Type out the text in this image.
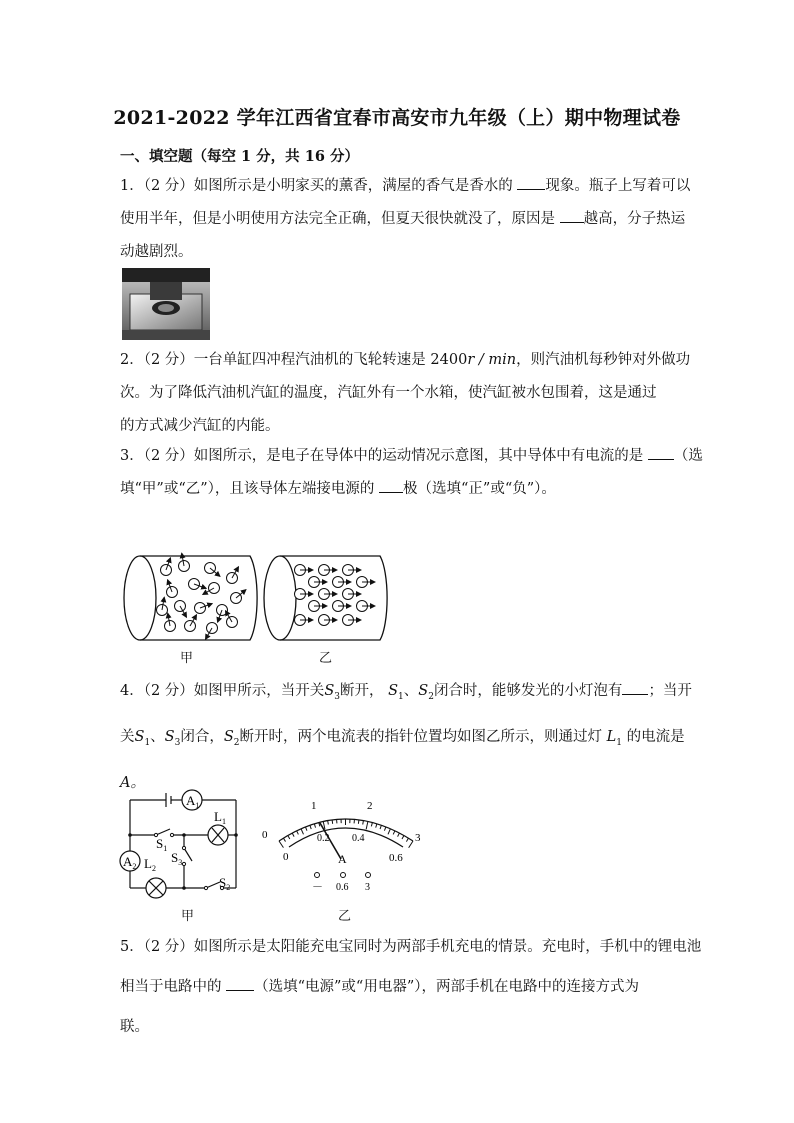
2021-2022 学年江西省宜春市高安市九年级（上）期中物理试卷
一、填空题（每空 1 分，共 16 分）
1．（2 分）如图所示是小明家买的薰香，满屋的香气是香水的 现象。瓶子上写着可以
使用半年，但是小明使用方法完全正确，但夏天很快就没了，原因是 越高，分子热运
动越剧烈。
2．（2 分）一台单缸四冲程汽油机的飞轮转速是 2400r / min，则汽油机每秒钟对外做功
次。为了降低汽油机汽缸的温度，汽缸外有一个水箱，使汽缸被水包围着，这是通过
的方式减少汽缸的内能。
3．（2 分）如图所示，是电子在导体中的运动情况示意图，其中导体中有电流的是 （选
填“甲”或“乙”），且该导体左端接电源的 极（选填“正”或“负”）。
甲	乙
4．（2 分）如图甲所示，当开关$S_3$断开， $S_1$、$S_2$闭合时，能够发光的小灯泡有 ；当开
关$S_1$、$S_3$闭合，$S_2$断开时，两个电流表的指针位置均如图乙所示，则通过灯 $L_1$ 的电流是
A。
$A_1$
$A_2$
$L_1$
$L_2$
$S_1$
$S_3$
$S_2$
甲
0
1	2
3
0
0.2 0.4
0.6
A
－ 0.6 3
乙
5．（2 分）如图所示是太阳能充电宝同时为两部手机充电的情景。充电时，手机中的锂电池
相当于电路中的 （选填“电源”或“用电器”），两部手机在电路中的连接方式为
联。
